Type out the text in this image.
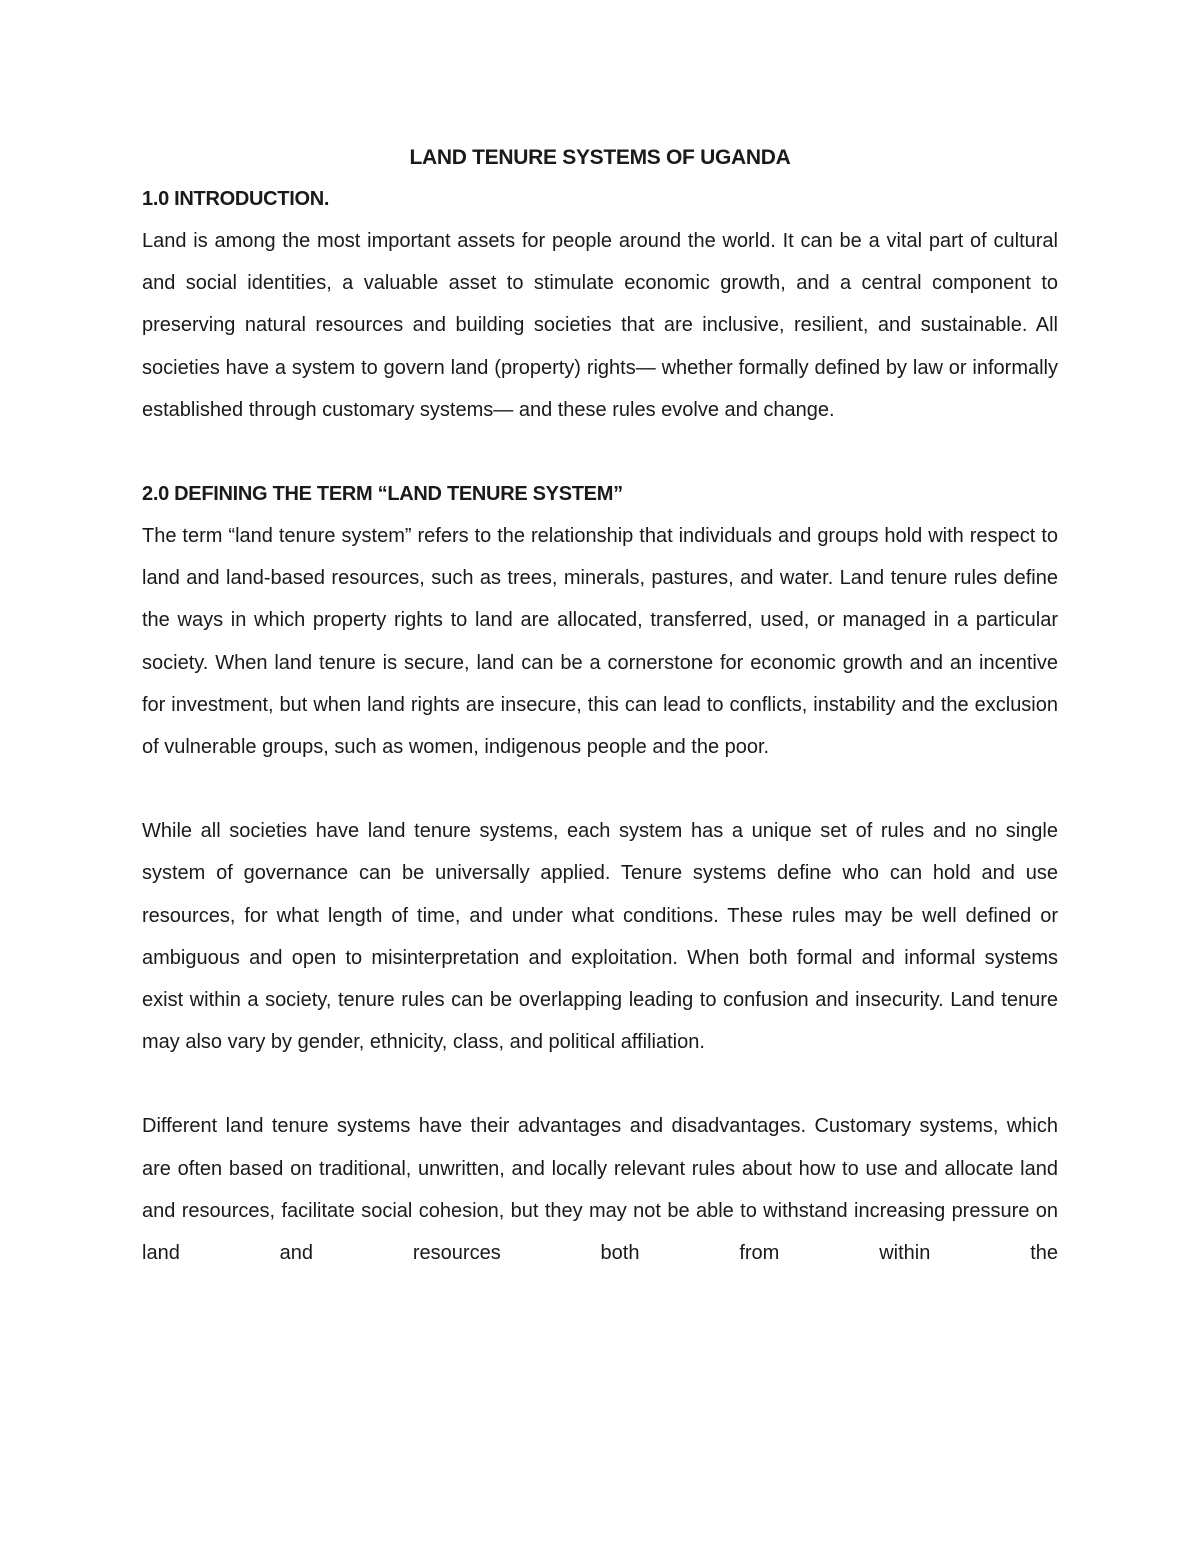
LAND TENURE SYSTEMS OF UGANDA
1.0 INTRODUCTION.

Land is among the most important assets for people around the world. It can be a vital part of cultural and social identities, a valuable asset to stimulate economic growth, and a central component to preserving natural resources and building societies that are inclusive, resilient, and sustainable. All societies have a system to govern land (property) rights— whether formally defined by law or informally established through customary systems— and these rules evolve and change.

2.0 DEFINING THE TERM “LAND TENURE SYSTEM”

The term “land tenure system” refers to the relationship that individuals and groups hold with respect to land and land-based resources, such as trees, minerals, pastures, and water. Land tenure rules define the ways in which property rights to land are allocated, transferred, used, or managed in a particular society. When land tenure is secure, land can be a cornerstone for economic growth and an incentive for investment, but when land rights are insecure, this can lead to conflicts, instability and the exclusion of vulnerable groups, such as women, indigenous people and the poor.

While all societies have land tenure systems, each system has a unique set of rules and no single system of governance can be universally applied. Tenure systems define who can hold and use resources, for what length of time, and under what conditions. These rules may be well defined or ambiguous and open to misinterpretation and exploitation. When both formal and informal systems exist within a society, tenure rules can be overlapping leading to confusion and insecurity. Land tenure may also vary by gender, ethnicity, class, and political affiliation.

Different land tenure systems have their advantages and disadvantages. Customary systems, which are often based on traditional, unwritten, and locally relevant rules about how to use and allocate land and resources, facilitate social cohesion, but they may not be able to withstand increasing pressure on land and resources both from within the
